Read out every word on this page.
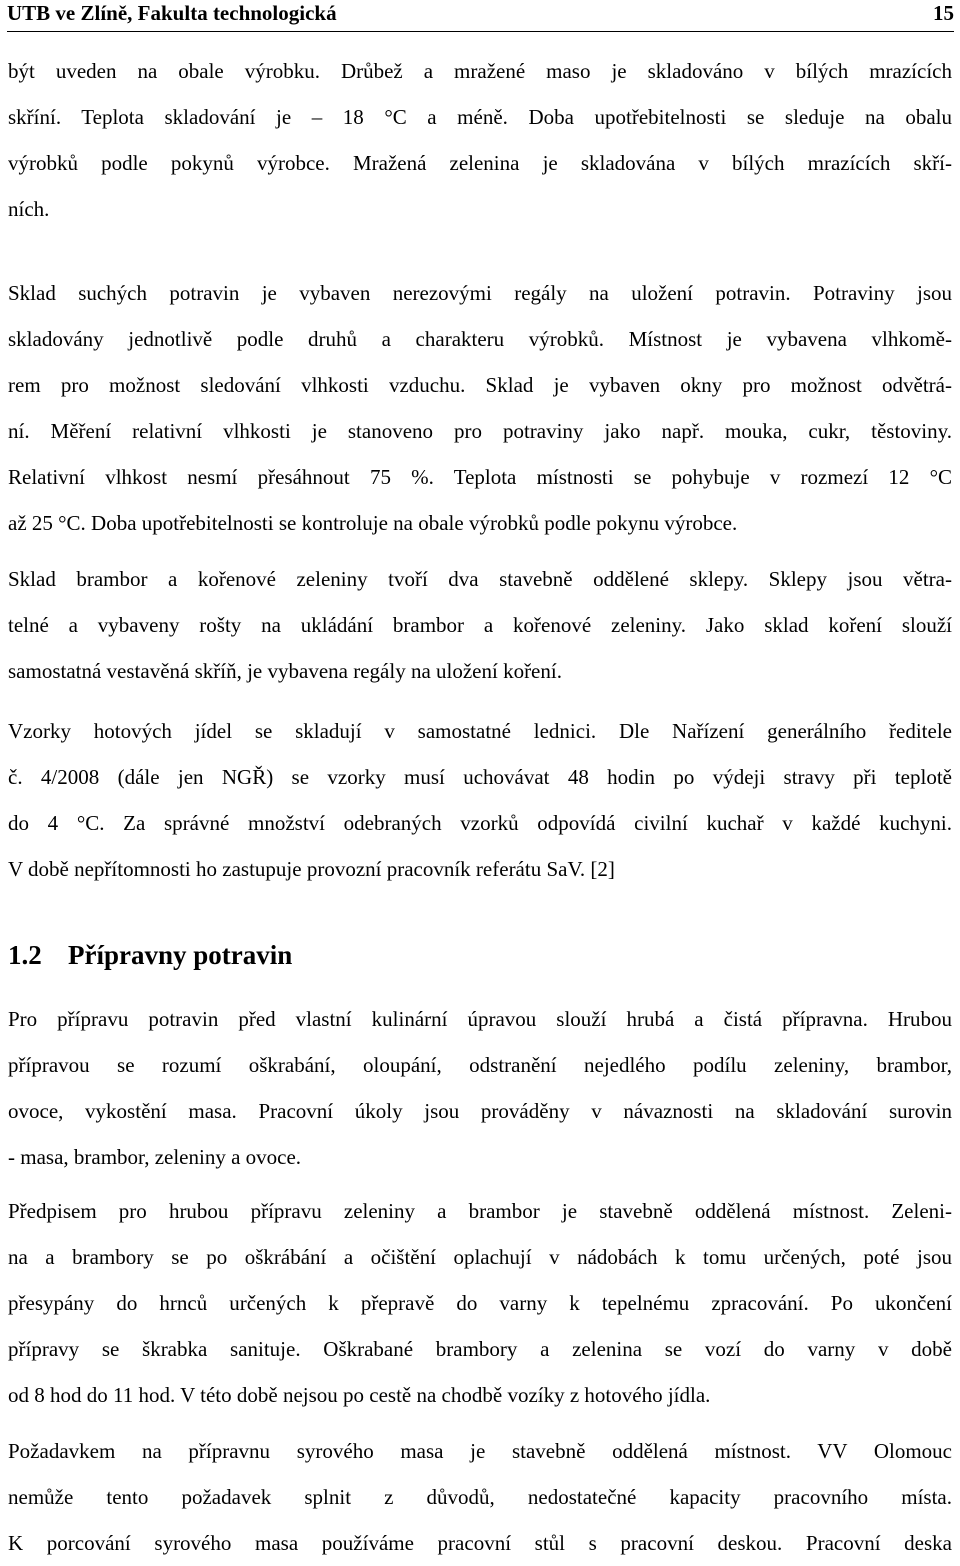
UTB ve Zlíně, Fakulta technologická	15
být uveden na obale výrobku. Drůbež a mražené maso je skladováno v bílých mrazících
skříní. Teplota skladování je – 18 °C a méně. Doba upotřebitelnosti se sleduje na obalu
výrobků podle pokynů výrobce. Mražená zelenina je skladována v bílých mrazících skří-
ních.
Sklad suchých potravin je vybaven nerezovými regály na uložení potravin. Potraviny jsou
skladovány jednotlivě podle druhů a charakteru výrobků. Místnost je vybavena vlhkomě-
rem pro možnost sledování vlhkosti vzduchu. Sklad je vybaven okny pro možnost odvětrá-
ní. Měření relativní vlhkosti je stanoveno pro potraviny jako např. mouka, cukr, těstoviny.
Relativní vlhkost nesmí přesáhnout 75 %. Teplota místnosti se pohybuje v rozmezí 12 °C
až 25 °C. Doba upotřebitelnosti se kontroluje na obale výrobků podle pokynu výrobce.
Sklad brambor a kořenové zeleniny tvoří dva stavebně oddělené sklepy. Sklepy jsou větra-
telné a vybaveny rošty na ukládání brambor a kořenové zeleniny. Jako sklad koření slouží
samostatná vestavěná skříň, je vybavena regály na uložení koření.
Vzorky hotových jídel se skladují v samostatné lednici. Dle Nařízení generálního ředitele
č. 4/2008 (dále jen NGŘ) se vzorky musí uchovávat 48 hodin po výdeji stravy při teplotě
do 4 °C. Za správné množství odebraných vzorků odpovídá civilní kuchař v každé kuchyni.
V době nepřítomnosti ho zastupuje provozní pracovník referátu SaV. [2]
1.2 Přípravny potravin
Pro přípravu potravin před vlastní kulinární úpravou slouží hrubá a čistá přípravna. Hrubou
přípravou se rozumí oškrabání, oloupání, odstranění nejedlého podílu zeleniny, brambor,
ovoce, vykostění masa. Pracovní úkoly jsou prováděny v návaznosti na skladování surovin
- masa, brambor, zeleniny a ovoce.
Předpisem pro hrubou přípravu zeleniny a brambor je stavebně oddělená místnost. Zeleni-
na a brambory se po oškrábání a očištění oplachují v nádobách k tomu určených, poté jsou
přesypány do hrnců určených k přepravě do varny k tepelnému zpracování. Po ukončení
přípravy se škrabka sanituje. Oškrabané brambory a zelenina se vozí do varny v době
od 8 hod do 11 hod. V této době nejsou po cestě na chodbě vozíky z hotového jídla.
Požadavkem na přípravnu syrového masa je stavebně oddělená místnost. VV Olomouc
nemůže tento požadavek splnit z důvodů, nedostatečné kapacity pracovního místa.
K porcování syrového masa používáme pracovní stůl s pracovní deskou. Pracovní deska
